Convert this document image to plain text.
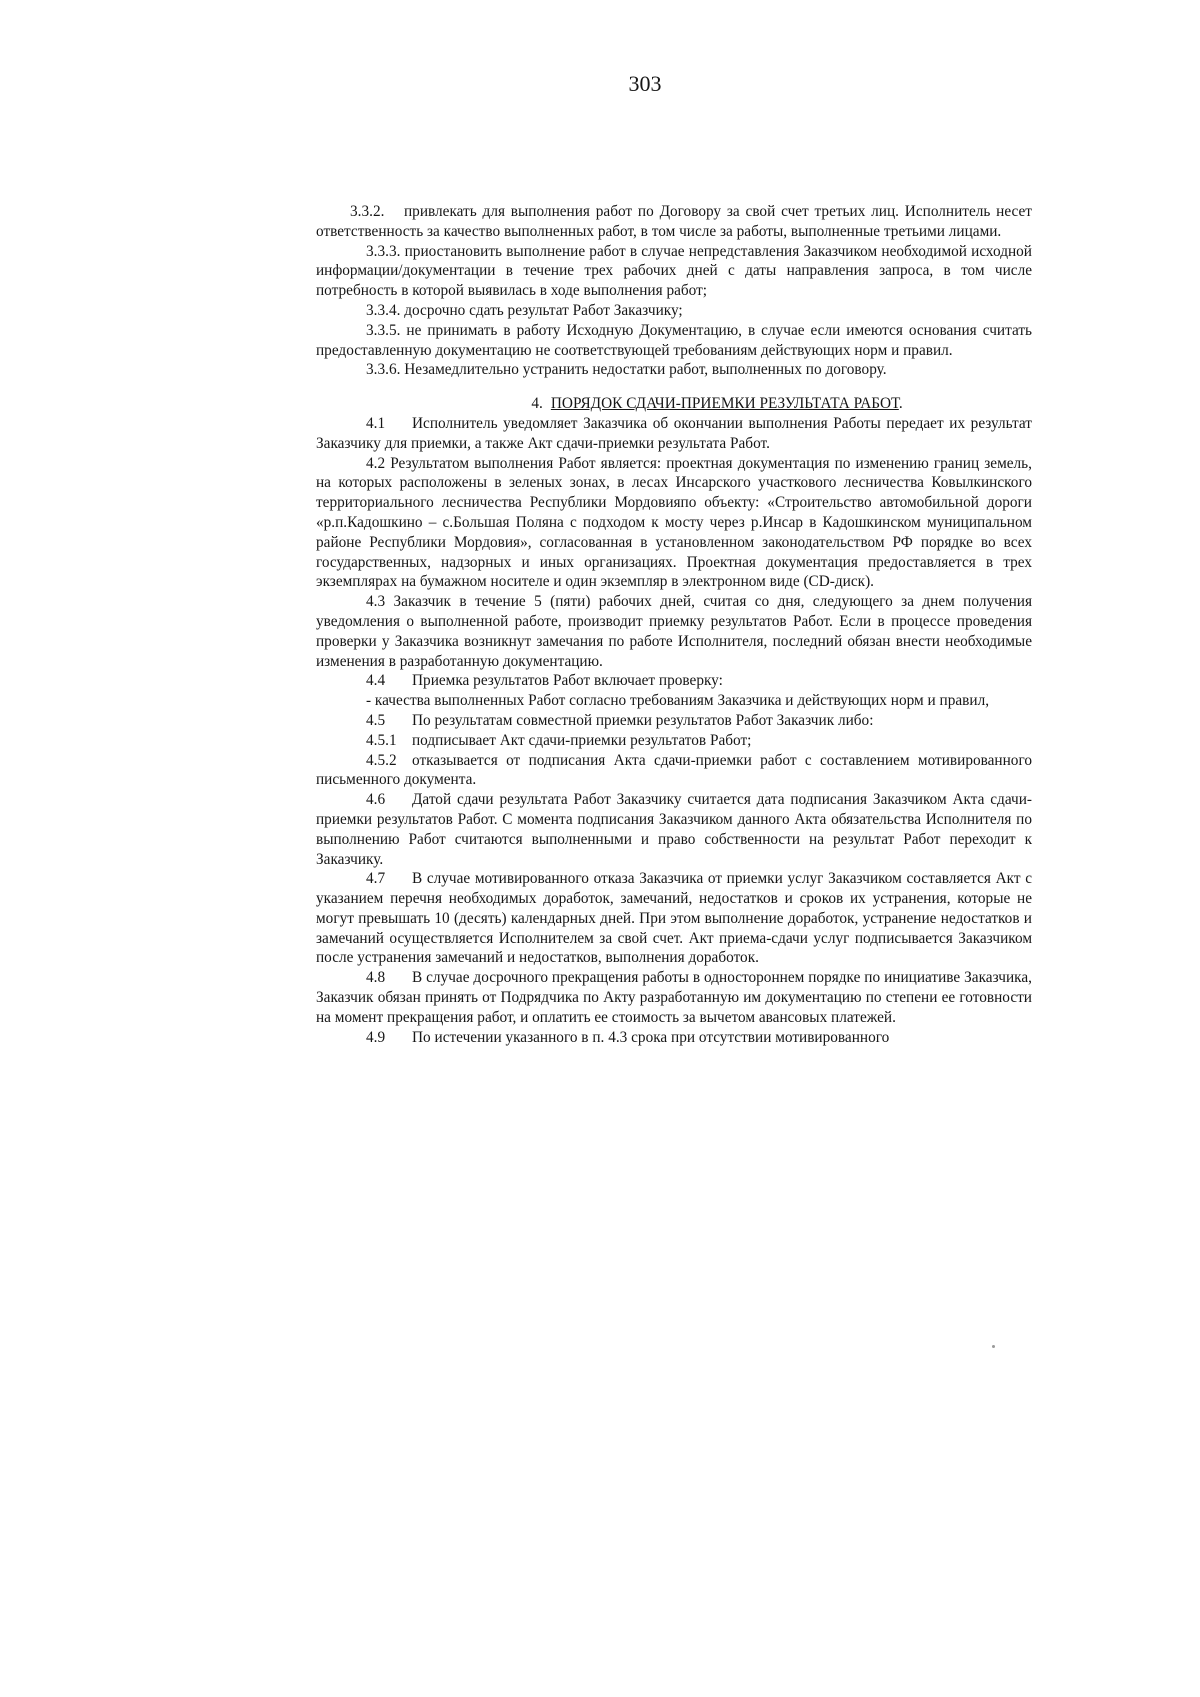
303

3.3.2. привлекать для выполнения работ по Договору за свой счет третьих лиц. Исполнитель несет ответственность за качество выполненных работ, в том числе за работы, выполненные третьими лицами.

3.3.3. приостановить выполнение работ в случае непредставления Заказчиком необходимой исходной информации/документации в течение трех рабочих дней с даты направления запроса, в том числе потребность в которой выявилась в ходе выполнения работ;

3.3.4. досрочно сдать результат Работ Заказчику;

3.3.5. не принимать в работу Исходную Документацию, в случае если имеются основания считать предоставленную документацию не соответствующей требованиям действующих норм и правил.

3.3.6. Незамедлительно устранить недостатки работ, выполненных по договору.

4. ПОРЯДОК СДАЧИ-ПРИЕМКИ РЕЗУЛЬТАТА РАБОТ.

4.1 Исполнитель уведомляет Заказчика об окончании выполнения Работы передает их результат Заказчику для приемки, а также Акт сдачи-приемки результата Работ.

4.2 Результатом выполнения Работ является: проектная документация по изменению границ земель, на которых расположены в зеленых зонах, в лесах Инсарского участкового лесничества Ковылкинского территориального лесничества Республики Мордовияпо объекту: «Строительство автомобильной дороги «р.п.Кадошкино – с.Большая Поляна с подходом к мосту через р.Инсар в Кадошкинском муниципальном районе Республики Мордовия», согласованная в установленном законодательством РФ порядке во всех государственных, надзорных и иных организациях. Проектная документация предоставляется в трех экземплярах на бумажном носителе и один экземпляр в электронном виде (CD-диск).

4.3 Заказчик в течение 5 (пяти) рабочих дней, считая со дня, следующего за днем получения уведомления о выполненной работе, производит приемку результатов Работ. Если в процессе проведения проверки у Заказчика возникнут замечания по работе Исполнителя, последний обязан внести необходимые изменения в разработанную документацию.

4.4 Приемка результатов Работ включает проверку:

- качества выполненных Работ согласно требованиям Заказчика и действующих норм и правил,

4.5 По результатам совместной приемки результатов Работ Заказчик либо:

4.5.1 подписывает Акт сдачи-приемки результатов Работ;

4.5.2 отказывается от подписания Акта сдачи-приемки работ с составлением мотивированного письменного документа.

4.6 Датой сдачи результата Работ Заказчику считается дата подписания Заказчиком Акта сдачи-приемки результатов Работ. С момента подписания Заказчиком данного Акта обязательства Исполнителя по выполнению Работ считаются выполненными и право собственности на результат Работ переходит к Заказчику.

4.7 В случае мотивированного отказа Заказчика от приемки услуг Заказчиком составляется Акт с указанием перечня необходимых доработок, замечаний, недостатков и сроков их устранения, которые не могут превышать 10 (десять) календарных дней. При этом выполнение доработок, устранение недостатков и замечаний осуществляется Исполнителем за свой счет. Акт приема-сдачи услуг подписывается Заказчиком после устранения замечаний и недостатков, выполнения доработок.

4.8 В случае досрочного прекращения работы в одностороннем порядке по инициативе Заказчика, Заказчик обязан принять от Подрядчика по Акту разработанную им документацию по степени ее готовности на момент прекращения работ, и оплатить ее стоимость за вычетом авансовых платежей.

4.9 По истечении указанного в п. 4.3 срока при отсутствии мотивированного
